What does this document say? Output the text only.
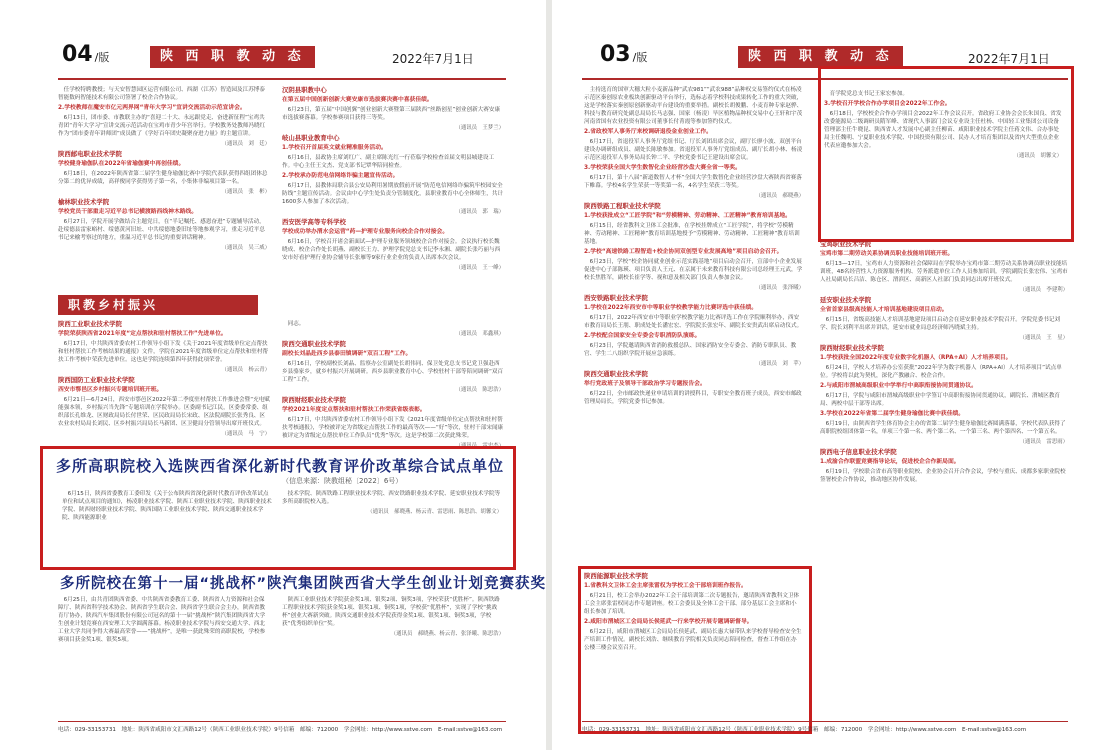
04 /版	陕 西 职 教 动 态	2022年7月1日

任学校特聘教授；与天安智慧园区运营有限公司、西湖（江苏）智造园及江苏博泰智能数码智能技术有限公司签署了校企合作协议。

2.学校教师在魔安市亿元两界网“青年大学习”宣讲交流活动示范宣讲会。

6月13日，团市委、市教联主办的“喜迎二十大、永远跟党走、奋进新征程”宝鸡共青团“青年大学习”宣讲交流示范活动在宝鸡市青少年宫举行。学校教务处教师冯晓红作为“团市委青年讲师团”成员做了《学好百年团史凝聚奋进力量》的主题宣讲。

（通讯员　刘　廷）

陕西邮电职业技术学院

学校健身瑜伽队在2022年省瑜伽赛中再创佳绩。

6月18日，在2022年陕西省第二届学生健身瑜伽比赛中学院代表队获得四组团体总分第二的优异成绩，高祥俊同学获得男子第一名，小集体非编项目第一名。

（通讯员　张　彬）

榆林职业技术学院

学校党员干部重走习近平总书记横渡路西线神木路线。

6月27日，学院开展学做结合主题党日，在“半记嘱托、感恩奋进”专题辅导活动，赴绥德县雷家峪村、绥德黄河旧址、中共绥德地委旧址等地参观学习，重走习近平总书记来榆考察过的地方，重温习近平总书记的重要讲话精神。

（通讯员　吴三威）

汉阴县职教中心

在第五届中国创新创新大赛安康市选拔赛决赛中喜获佳绩。

6月23日，第五届“中国创翼”创业创新大赛暨第三届陕西“丝路创星”创业创新大赛安康市选拔赛落幕。学校参赛项目获得三等奖。

（通讯员　王梦兰）

岐山县职业教育中心

1.学校召开首届英文就业精准服务活动。

6月16日，县政协主席刘红广、副主席陈光红一行莅临学校检查首届文明县城建设工作。中心主任王文杰、党支部书记覃华陪同检查。

2.学校承办防范电信网络诈骗主题宣传活动。

6月17日，县教体局联合县公安局利用暑期放假前开展“防范电信网络诈骗筑牢校园安全防线”主题宣传活动。会议由中心学生处负责分管制度化，县职业教育中心全体师生，共计1600多人参加了本次活动。

（通讯员　郭　瑞）

西安医学高等专科学校

学校成功举办渭水会运营“药—护理专业服务向校企合作对接会。

6月16日，学校召开诸会新面试—护理专业服务领域校企合作对接会。会议执行校长魏晓成、校企合作处长胡燕、副校长王力、护理学院党总支书记李永湘、副院长张巧丽与西安市好看护理行业协会辅导长张雁等9家行业企业的负责人出席本次会议。

（通讯员　王一峰）

职教乡村振兴

陕西工业职业技术学院

学院荣获陕西省2021年度“定点帮扶和驻村帮扶工作”先进单位。

6月17日，中共陕西省委农村工作领导小组下发《关于2021年度省级单位定点帮扶和驻村帮扶工作考核结果的通报》文件，学院在2021年度省级单位定点帮扶和驻村帮扶工作考核中荣获先进单位。这也是学院连续第四年获得此项荣誉。

（通讯员　杨云青）

陕西国防工业职业技术学院

西安市鄠邑区乡村振兴专题培训班开班。

6月21日—6月24日，西安市鄠邑区2022年第二季度驻村帮扶工作推进会暨“充电赋能强本领，乡村振兴当先锋”专题培训在学院举办。区委副书记江民，区委委常委、组织部长孔维龙、区财政局局长付世荣、区民政局局长宋政、区法院副院长张秀良、区农业农村局局长刘民、区乡村振兴局局长马新团、区卫健局分管领导出席开班仪式。

（通讯员　马　宁）

同志。

（通讯员　邓鑫琪）

陕西交通职业技术学院

副校长刘晶赴西乡县泰田镇调研“双百工程”工作。

6月16日，学校副校长刘晶、监察办公室副处长胡伟同、保卫处党总支书记党卫强赴西乡县骆家乡，就乡村振兴开展调研。西乡县职业教育中心、学校驻村干部等陪同调研“双百工程”工作。

（通讯员　陈思浩）

陕西财经职业技术学院

学校2021年度定点帮扶和驻村帮扶工作荣获省级表彰。

6月17日，中共陕西省委农村工作领导小组下发《2021年度省级单位定点帮扶和驻村帮扶考核通报》，学校被评定为省级定点帮扶工作的最高等次——“好”等次，驻村干部宋闻康被评定为省级定点帮扶单位工作队员“优秀”等次。这是学校第二次获此殊荣。

（通讯员　雷忠杰）

多所高职院校入选陕西省深化新时代教育评价改革综合试点单位
（信息来源：陕教组秘〔2022〕6号）

6月15日，陕西省委教育工委印发《关于公布陕西省深化新时代教育评价改革试点单位和试点项目的通知》，杨凌职业技术学院、陕西工业职业技术学院、陕西职业技术学院、陕西财经职业技术学院、陕西国防工业职业技术学院、陕西交通职业技术学院、陕西能源职业

技术学院、陕西铁路工程职业技术学院、西安铁路职业技术学院、延安职业技术学院等多所高职院校入选。

（通讯员　郝晓燕、杨云青、雷思雨、陈思浩、胡馨文）

多所院校在第十一届“挑战杯”陕汽集团陕西省大学生创业计划竞赛获奖

6月25日，由共青团陕西省委、中共陕西省委教育工委、陕西省人力资源和社会保障厅、陕西省科学技术协会、陕西省学生联合会、陕西省学生联合会主办，陕西省教育厅协办，陕西汽车集团股份有限公司冠名的第十一届“挑战杯”陕汽集团陕西省大学生创业计划竞赛在西安理工大学圆满落幕。杨凌职业技术学院与西安交通大学、西北工业大学共同争得大赛最高荣誉——“挑战杯”，是唯一获此殊荣的高职院校，学校参赛项目获金奖1项、银奖5项。

陕西工业职业技术学院获金奖1项、银奖2项、铜奖3项，学校荣获“优胜杯”。陕西铁路工程职业技术学院获金奖1项、银奖1项、铜奖1项，学校获“优胜杯”，实现了学校“挑战杯”创业大赛新突破。陕西交通职业技术学院获得金奖1项、银奖1项、铜奖3项，学校获“优秀组织单位”奖。

（通讯员　郝晓燕、杨云青、张泽曦、陈思浩）

电话：029-33153731　地址：陕西省咸阳市文汇西路12号（陕西工业职业技术学院）9号信箱　邮编：712000　学会网址：http://www.sstve.com　E-mail:sstve@163.com
03 /版	陕 西 职 教 动 态	2022年7月1日

主持选育的国审大穗大粒小麦新品种“武农981”“武农988”品种权交易签约仪式在杨凌示范区秦创原农业板块创新驱动平台举行，选标志着学校科技成果转化工作的重大突破，这是学校落实秦创原创新驱动平台建设的重要举措。副校长胡俊鹏、小麦育种专家赵骅、科技与教育研究处副总局局长马志强、国家（杨凌）旱区植物品种权交易中心王轩和宇茂河南省国有农业投资有限公司董事长付菁霞等参加签约仪式。

2.省政校军人事务厅来校调研退役金业创业工作。

6月17日，省退役军人事务厅党组书记、厅长刘团出席会议，副厅长廖小波、双创平台建设办调研组成员、副处长陈敏参加。省退役军人事务厅党组成员、副厅长胡小林、杨凌示范区退役军人事务局局长钟二平、学校党委书记王建设出席会议。

3.学校荣获全国大学生数智化企业经营沙盘大赛全省一等奖。

6月17日，第十八届“新道数智人才杯”全国大学生数智化企业经营沙盘大赛陕西省赛落下帷幕。学校4名学生荣获一等奖第一名，4名学生荣获二等奖。

（通讯员　郝晓燕）

陕西铁路工程职业技术学院

1.学校获批成立“工匠学院”和“劳模精神、劳动精神、工匠精神”教育培训基地。

6月15日，经省教科文卫体工会批准，在学校挂牌成立“工匠学院”，将学校“劳模精神、劳动精神、工匠精神”教育培训基地授予“劳模精神、劳动精神、工匠精神”教育培训基地。

2.学校“高速铁路工程智造+校企协同双创型专业发展高地”项目启动会召开。

6月23日，学校“校企协同就业创业示范实践基地”项目启动会召开，宣部中小企业发展促进中心子部陈瑛、项目负责人王元、在京属于未来教育科技有限公司总经理王元武，学校长焦胜军，副校长崔学等、视和意及相关部门负责人参加会议。

（通讯员　张泽曦）

西安铁路职业技术学院

1.学校在2022年西安市中等职业学校教学能力比赛评选中获佳绩。

6月17日，2022年西安市中等职业学校教学能力比赛评选工作在学院顺利举办，西安市教育局局长王朋、职成处处长潘宏宏、学院院长张宏年、副院长安贵武出席启动仪式。

2.学校配合国家安全专委会专职消防队演练。

6月23日，学院邀请陕西省消防救援总队、国家消防安全专委会、消防专职队员、教官、学生二八组织学院开展应急演练。

（通讯员　刘　苹）

陕西交通职业技术学院

举行党政班子及领导干部政治学习专题报告会。

6月22日，全市邮政快递业申请培训的讲授科目，专职安全教育班子成员，西安市邮政管理局局长，学院党委书记参加。

育学院党总支书记王家宏参加。

3.学校召开学校合作办学项目会2022年工作会。

6月18日，学校校企合作办学项目会2022年工作会议召开。省政府工业协会会长朱国良、省发改委能源局二级调研员隋军峰、省现代人事部门会议专业设主任杜杨、中国轻工业集团公司设备管理部主任牛晓昆、陕西省人才发展中心副主任柳苗、咸阳职业技术学院主任蒋文伟、合办事处局主任魏明、宁夏职业技术学院、中国投资有限公司、民办人才培育集团以及省内大型重点企业代表应邀参加大会。

（通讯员　胡馨文）

宝鸡职业技术学院

宝鸡市第二期劳动关系协调员职业技能培训班开班。

6月13—17日，宝鸡市人力资源和社会保障局在学院举办宝鸡市第二期劳动关系协调员职业技能培训班，48名经营性人力资源服务机构、劳务派遣单位工作人员参加培训。学院副院长张宏伟、宝鸡市人社局副局长吕洁、陈仓区、渭滨区、高新区人社部门负责同志出席开班仪式。

（通讯员　李建利）

延安职业技术学院

全省首家县级高技能人才培训基地建设项目启动。

6月15日，省级高技能人才培训基地建设项目启动会在延安职业技术学院召开。学院党委书记刘学、院长刘利平出席并讲话，延安市就业局总经济师冯晓斌主持。

（通讯员　王　星）

陕西财经职业技术学院

1.学校获批全国2022年度专业数字化机器人（RPA+AI）人才培养项目。

6月24日，学校人才培养办公室获批“2022年学为数字机器人（RPA+AI）人才培养项目”试点单位。学校将以此为契机，深化产教融合、校企合作。

2.与咸阳市渭城高级职业中学举行中高职衔接协同贯通协议。

6月17日，学院与咸阳市渭城高级职业中学签订中高职衔接协同贯通协议，副院长、渭城区教育局、两校中层干部等出席。

3.学校在2022年省第二届学生健身瑜伽比赛中获佳绩。

6月19日，由陕西省学生体育协会主办的省第二届学生健身瑜伽比赛圆满落幕，学校代表队获得了高职院校组团体第一名，单项三个第一名、两个第二名、一个第三名、两个第四名、一个第五名。

（通讯员　雷思雨）

陕西电子信息职业技术学院

1.成渝合作联盟竞赛指导论坛，促进校企合作新局面。

6月19日，学校联合省市高等职业院校、企业协会召开合作会议，学校与重庆、成都多家职业院校签署校企合作协议，推动地区协作发展。

陕西能源职业技术学院

1.省教科文卫体工会主席张雷权为学校工会干部培训班作报告。

6月21日，校工会举办2022年工会干部培训第二次专题报告，邀请陕西省教科文卫体工会主席张雷权同志作专题讲座。校工会委员及全体工会干部、部分基层工会主席和小组长参加了培训。

2.咸阳市渭城区工会局局长侯延武一行来学校开展专题调研督导。

6月22日，咸阳市渭城区工会局局长侯延武、副局长惠大禄带队来学校督导检查安全生产培训工作情况。副校长刘浩、继续教育学院相关负责同志陪同检查，督查工作组在办公楼三楼会议室召开。

电话：029-33153731　地址：陕西省咸阳市文汇西路12号（陕西工业职业技术学院）9号信箱　邮编：712000　学会网址：http://www.sstve.com　E-mail:sstve@163.com
